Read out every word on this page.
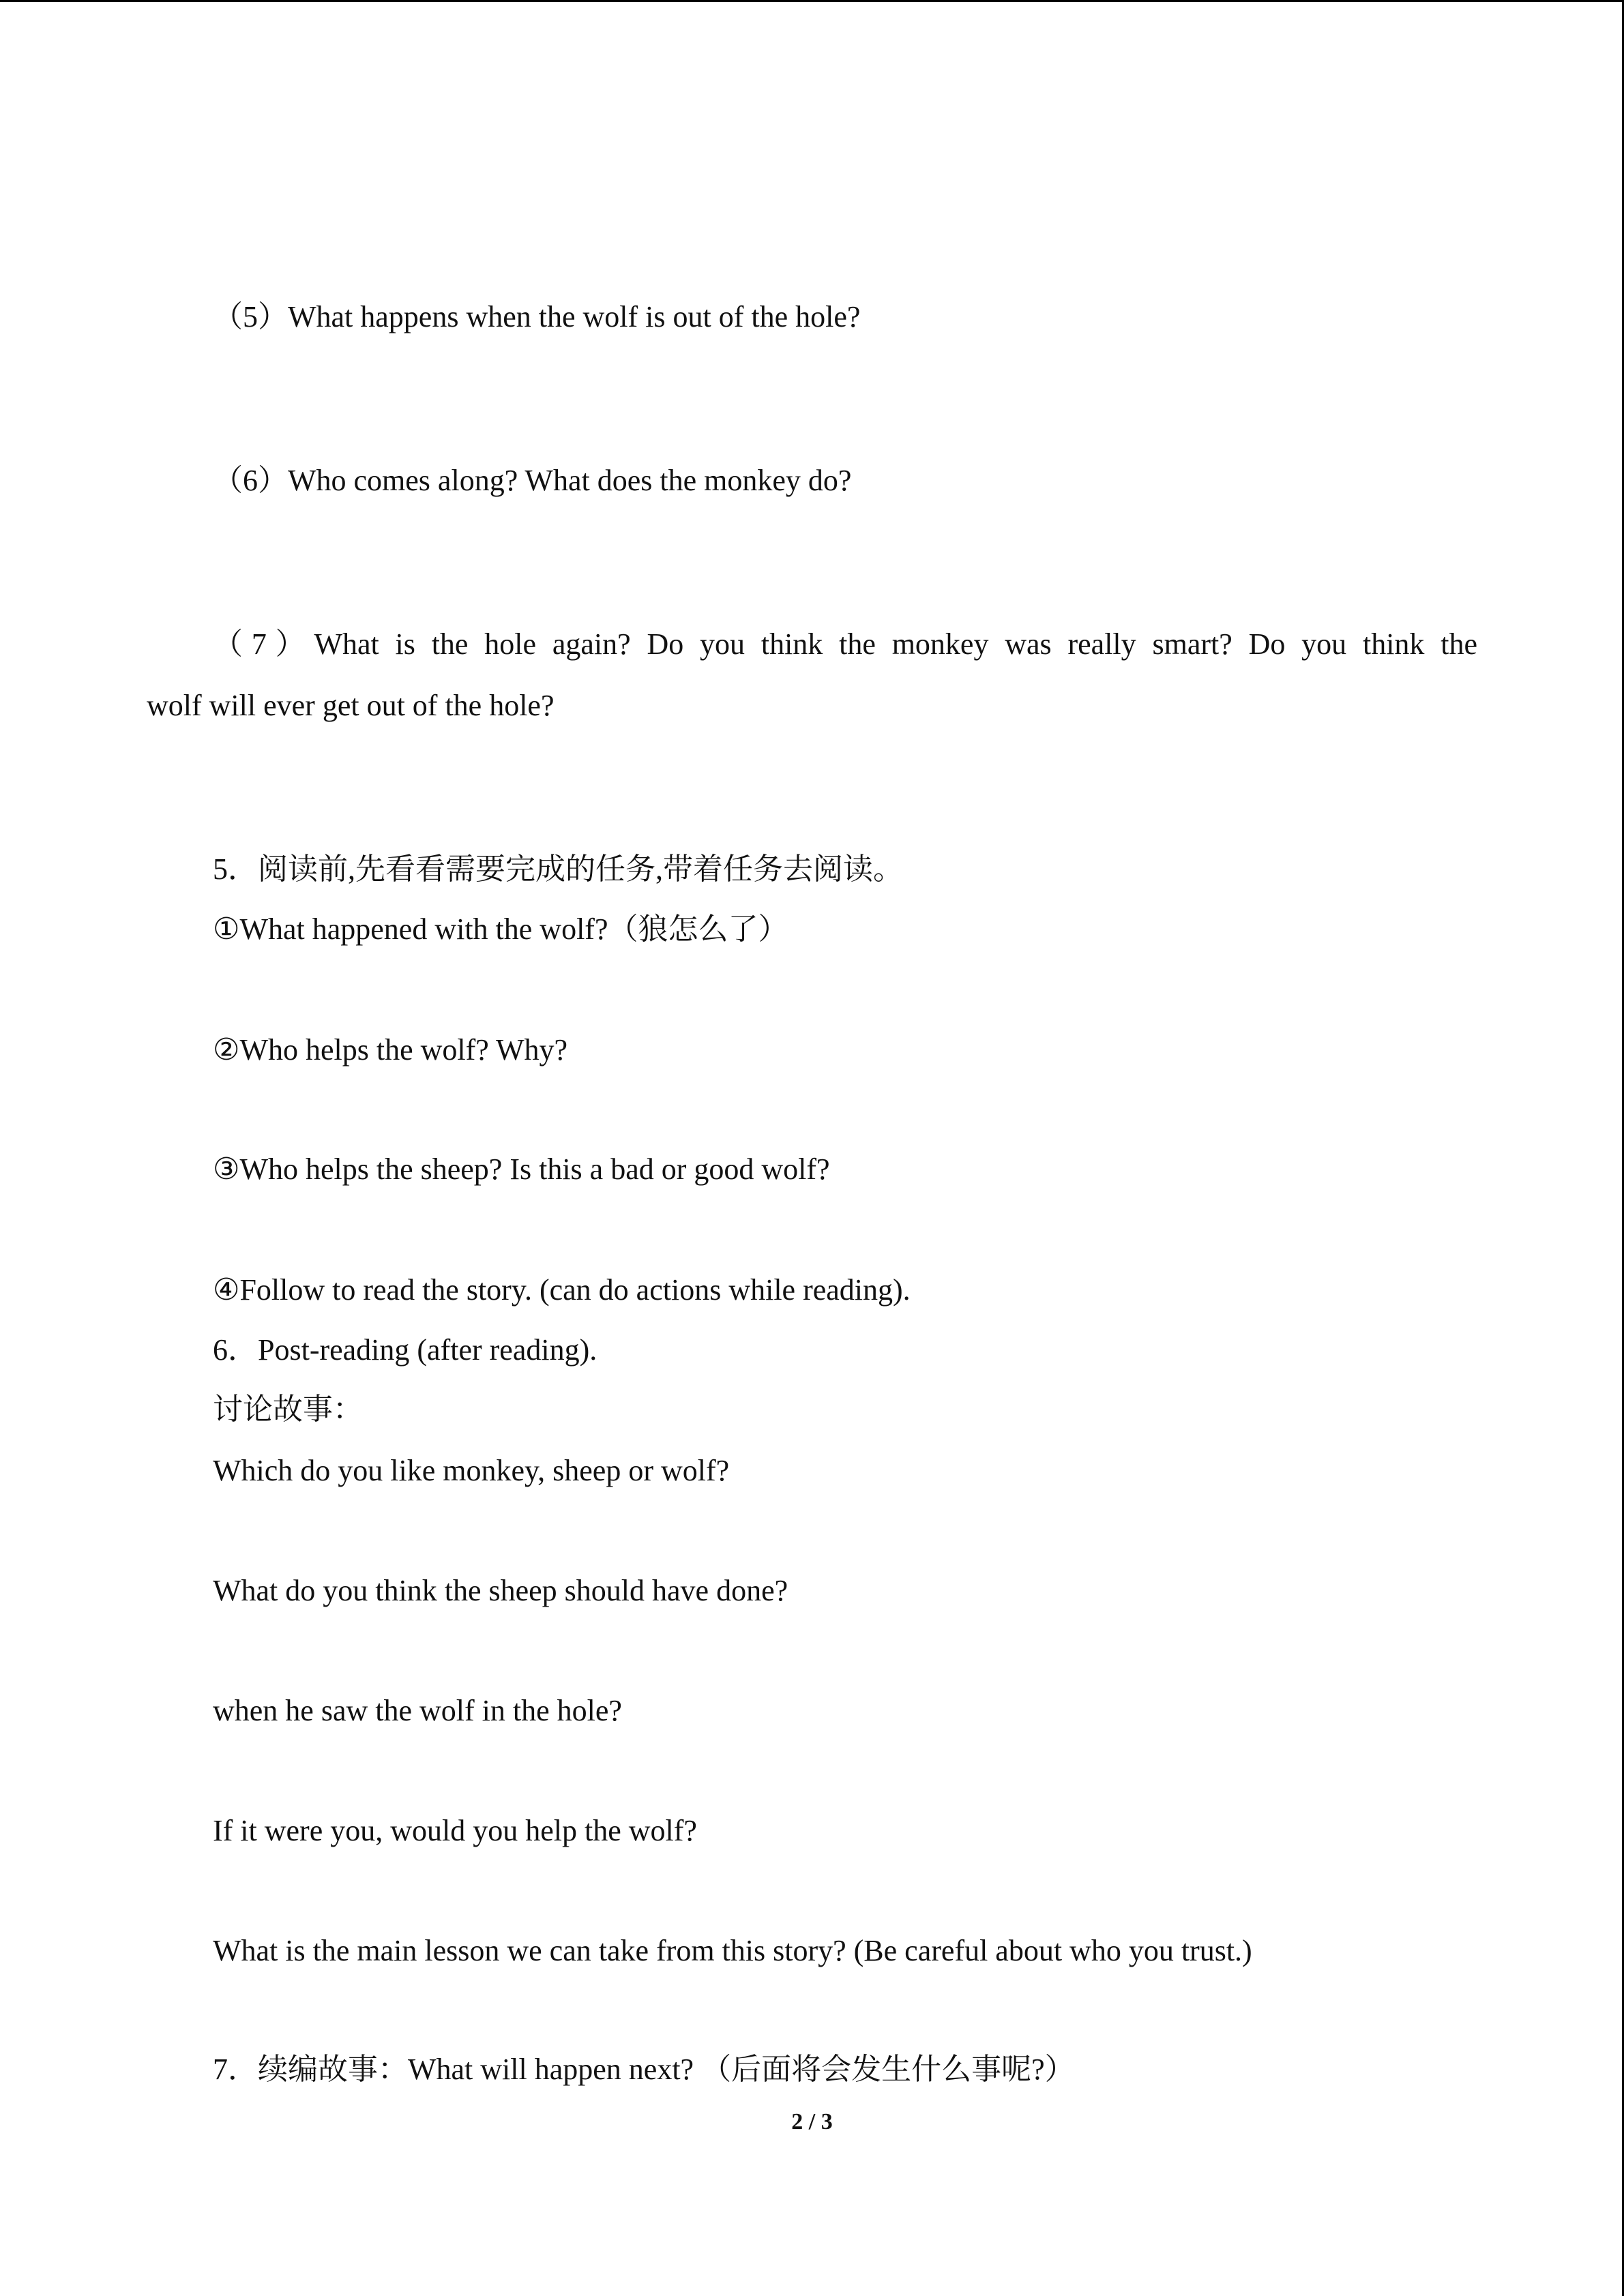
（5）What happens when the wolf is out of the hole?
（6）Who comes along? What does the monkey do?
（7）What is the hole again? Do you think the monkey was really smart? Do you think the
wolf will ever get out of the hole?
5．阅读前,先看看需要完成的任务,带着任务去阅读。
①What happened with the wolf?（狼怎么了）
②Who helps the wolf? Why?
③Who helps the sheep? Is this a bad or good wolf?
④Follow to read the story. (can do actions while reading).
6．Post-reading (after reading).
讨论故事：
Which do you like monkey, sheep or wolf?
What do you think the sheep should have done?
when he saw the wolf in the hole?
If it were you, would you help the wolf?
What is the main lesson we can take from this story? (Be careful about who you trust.)
7．续编故事：What will happen next? （后面将会发生什么事呢?）
2 / 3
